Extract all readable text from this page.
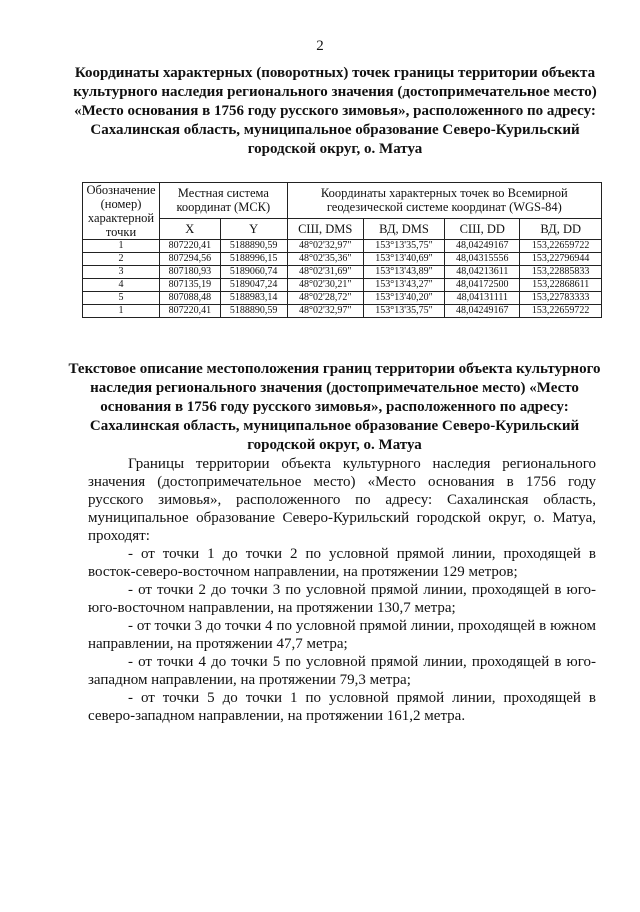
2
Координаты характерных (поворотных) точек границы территории объекта культурного наследия регионального значения (достопримечательное место) «Место основания в 1756 году русского зимовья», расположенного по адресу: Сахалинская область, муниципальное образование Северо-Курильский городской округ, о. Матуа
Обозначение (номер) характерной точки	Местная система координат (МСК)		Координаты характерных точек во Всемирной геодезической системе координат (WGS-84)			
	X	Y	СШ, DMS	ВД, DMS	СШ, DD	ВД, DD
1	807220,41	5188890,59	48°02'32,97"	153°13'35,75"	48,04249167	153,22659722
2	807294,56	5188996,15	48°02'35,36"	153°13'40,69"	48,04315556	153,22796944
3	807180,93	5189060,74	48°02'31,69"	153°13'43,89"	48,04213611	153,22885833
4	807135,19	5189047,24	48°02'30,21"	153°13'43,27"	48,04172500	153,22868611
5	807088,48	5188983,14	48°02'28,72"	153°13'40,20"	48,04131111	153,22783333
1	807220,41	5188890,59	48°02'32,97"	153°13'35,75"	48,04249167	153,22659722
Текстовое описание местоположения границ территории объекта культурного наследия регионального значения (достопримечательное место) «Место основания в 1756 году русского зимовья», расположенного по адресу: Сахалинская область, муниципальное образование Северо-Курильский городской округ, о. Матуа

Границы территории объекта культурного наследия регионального значения (достопримечательное место) «Место основания в 1756 году русского зимовья», расположенного по адресу: Сахалинская область, муниципальное образование Северо-Курильский городской округ, о. Матуа, проходят:

- от точки 1 до точки 2 по условной прямой линии, проходящей в восток-северо-восточном направлении, на протяжении 129 метров;

- от точки 2 до точки 3 по условной прямой линии, проходящей в юго-юго-восточном направлении, на протяжении 130,7 метра;

- от точки 3 до точки 4 по условной прямой линии, проходящей в южном направлении, на протяжении 47,7 метра;

- от точки 4 до точки 5 по условной прямой линии, проходящей в юго-западном направлении, на протяжении 79,3 метра;

- от точки 5 до точки 1 по условной прямой линии, проходящей в северо-западном направлении, на протяжении 161,2 метра.
